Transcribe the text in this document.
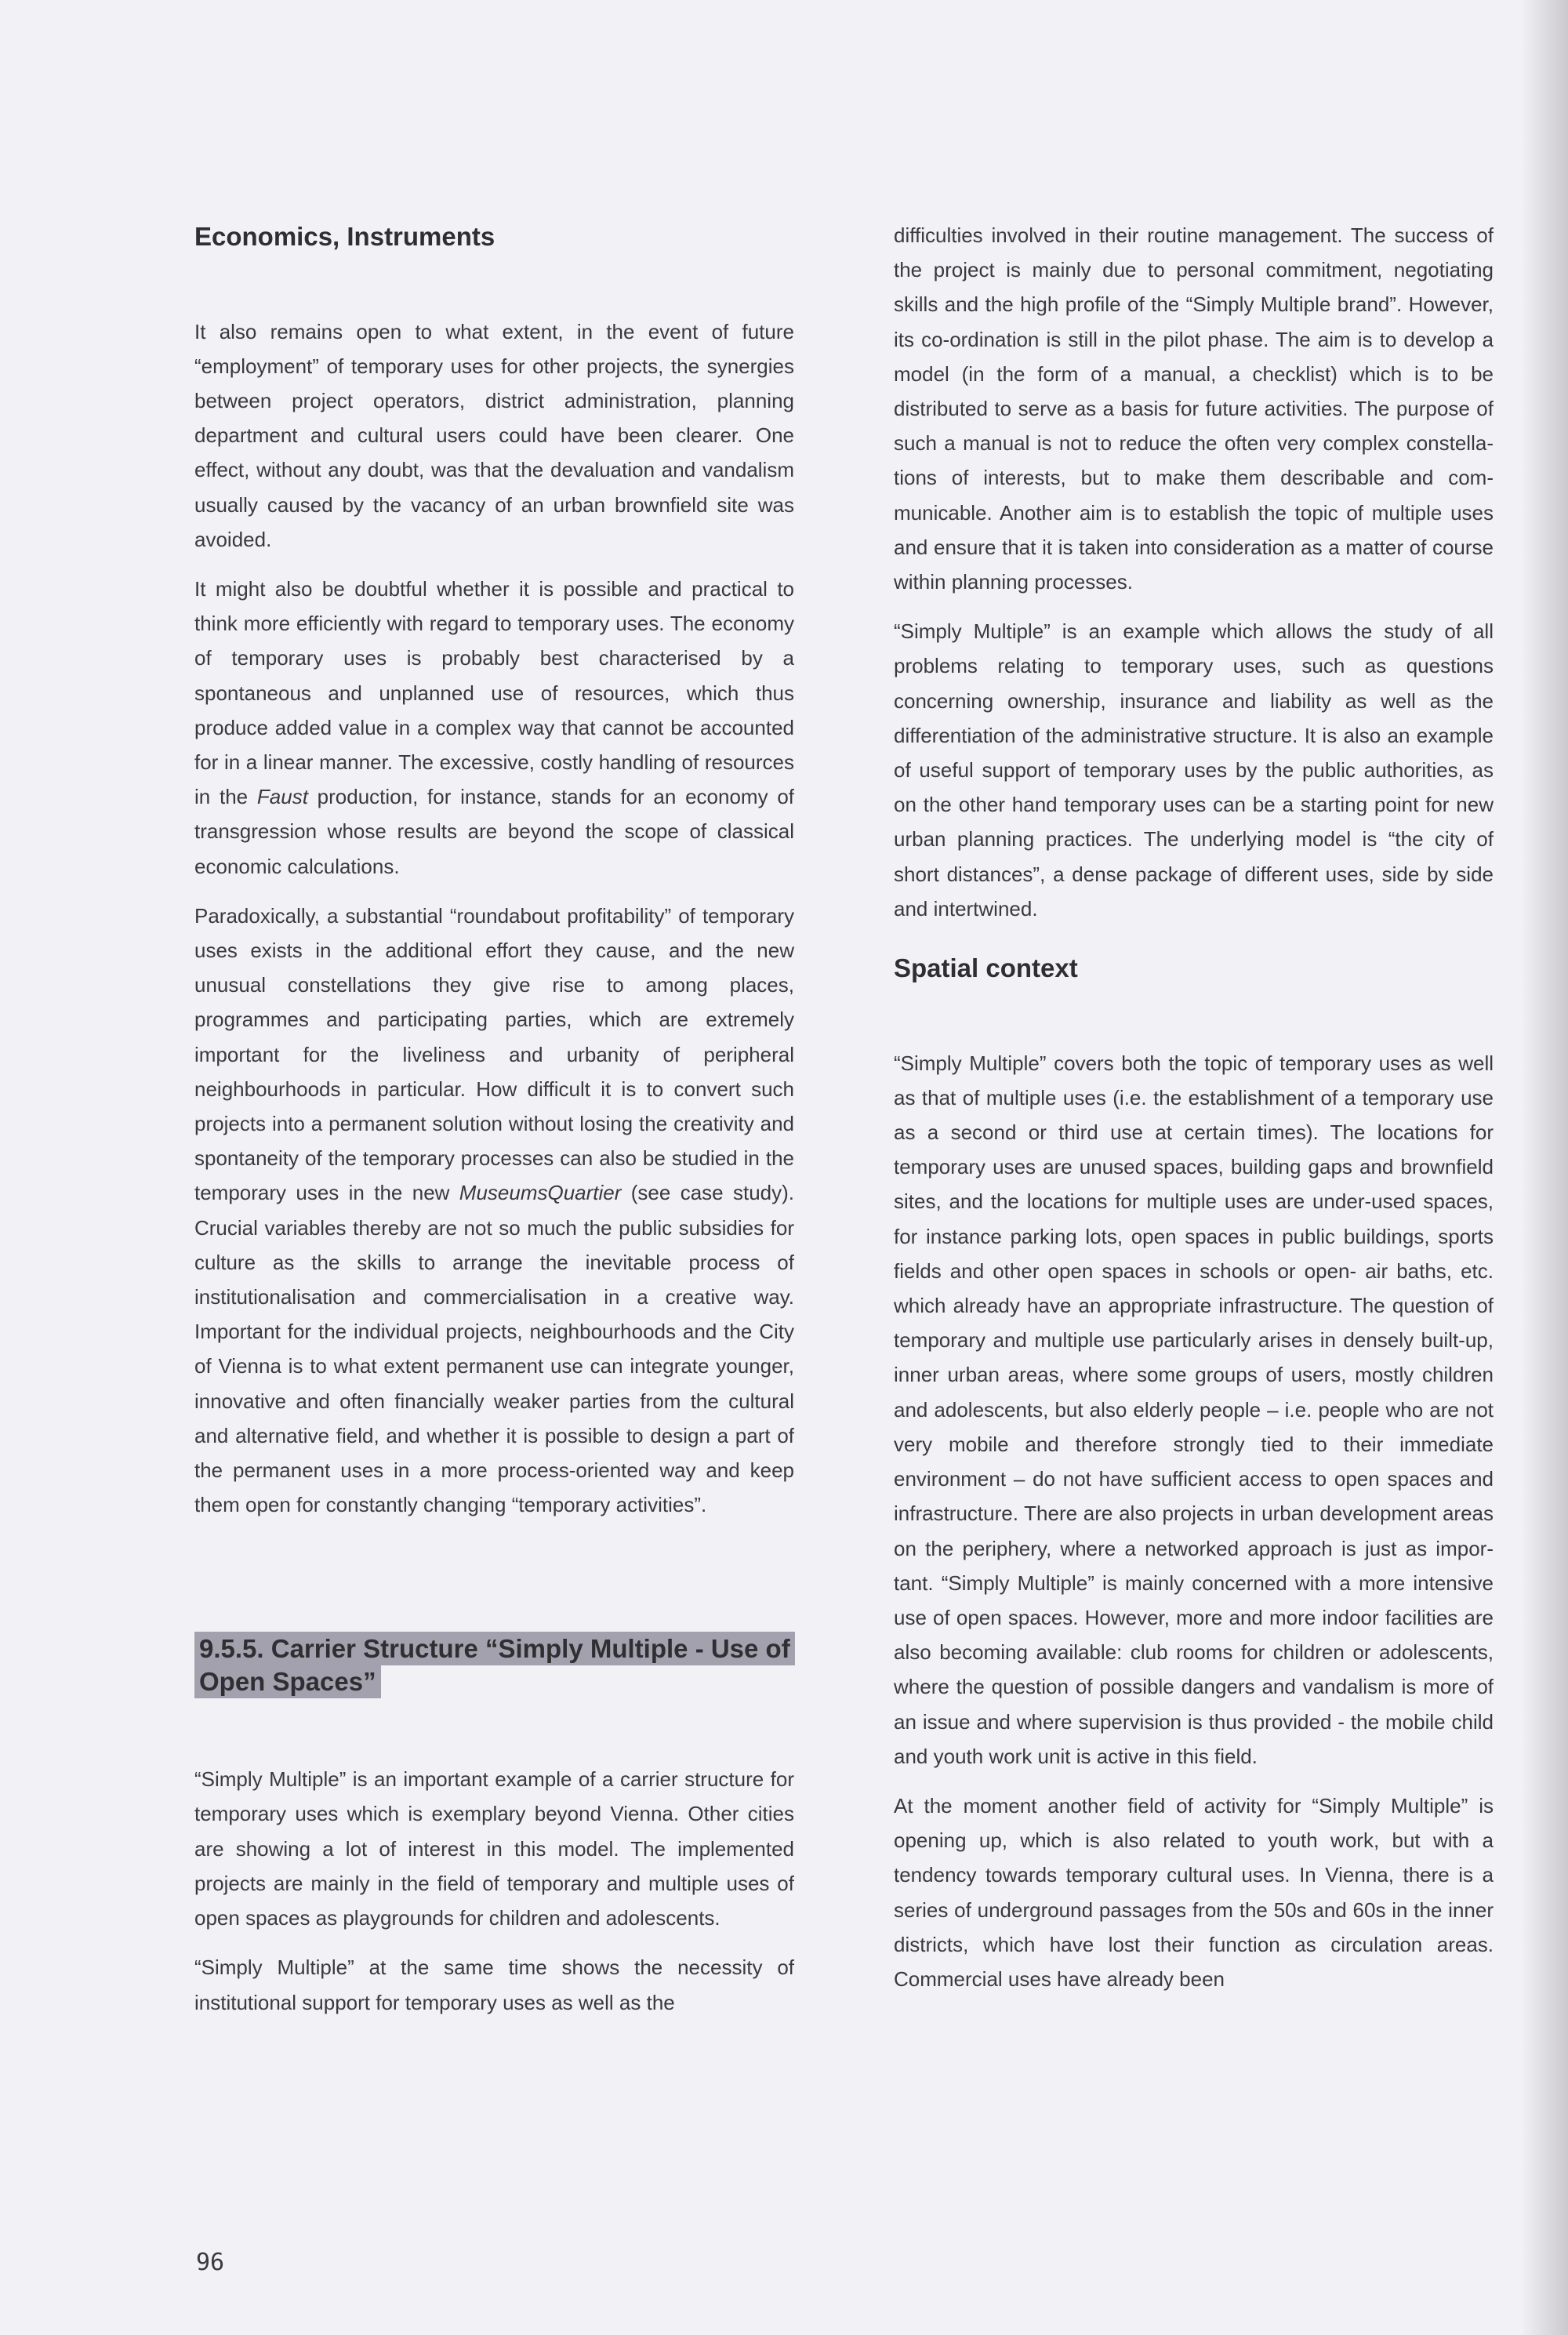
Economics, Instruments

It also remains open to what extent, in the event of future “employment” of temporary uses for other projects, the synergies between project operators, district administration, planning department and cultural users could have been clearer. One effect, without any doubt, was that the devaluation and vandalism usually caused by the vacancy of an urban brownfield site was avoided.

It might also be doubtful whether it is possible and practical to think more efficiently with regard to temporary uses. The economy of temporary uses is probably best characterised by a spontaneous and unplanned use of resources, which thus produce added value in a complex way that cannot be accounted for in a linear manner. The excessive, costly handling of resources in the Faust production, for instance, stands for an economy of transgression whose results are beyond the scope of classical economic calculations.

Paradoxically, a substantial “roundabout profitability” of temporary uses exists in the additional effort they cause, and the new unusual constellations they give rise to among places, programmes and participating parties, which are extremely important for the liveliness and urbanity of peripheral neighbourhoods in particular. How difficult it is to convert such projects into a permanent solution without losing the creativity and spontaneity of the temporary processes can also be studied in the temporary uses in the new MuseumsQuartier (see case study). Crucial variables thereby are not so much the public subsidies for culture as the skills to arrange the inevitable process of institutionalisation and commercialisation in a creative way. Important for the individual projects, neighbourhoods and the City of Vienna is to what extent permanent use can integrate younger, innovative and often financially weaker parties from the cultural and alternative field, and whether it is possible to design a part of the permanent uses in a more process-oriented way and keep them open for constantly changing “temporary activities”.

9.5.5. Carrier Structure “Simply Multiple - Use of Open Spaces”

“Simply Multiple” is an important example of a carrier structure for temporary uses which is exemplary beyond Vienna. Other cities are showing a lot of interest in this model. The implemented projects are mainly in the field of temporary and multiple uses of open spaces as playgrounds for children and adolescents.

“Simply Multiple” at the same time shows the necessity of institutional support for temporary uses as well as the

difficulties involved in their routine management. The success of the project is mainly due to personal commitment, negotiating skills and the high profile of the “Simply Multiple brand”. However, its co-ordination is still in the pilot phase. The aim is to develop a model (in the form of a manual, a checklist) which is to be distributed to serve as a basis for future activities. The purpose of such a manual is not to reduce the often very complex constellations of interests, but to make them describable and communicable. Another aim is to establish the topic of multiple uses and ensure that it is taken into consideration as a matter of course within planning processes.

“Simply Multiple” is an example which allows the study of all problems relating to temporary uses, such as questions concerning ownership, insurance and liability as well as the differentiation of the administrative structure. It is also an example of useful support of temporary uses by the public authorities, as on the other hand temporary uses can be a starting point for new urban planning practices. The underlying model is “the city of short distances”, a dense package of different uses, side by side and intertwined.

Spatial context

“Simply Multiple” covers both the topic of temporary uses as well as that of multiple uses (i.e. the establishment of a temporary use as a second or third use at certain times). The locations for temporary uses are unused spaces, building gaps and brownfield sites, and the locations for multiple uses are under-used spaces, for instance parking lots, open spaces in public buildings, sports fields and other open spaces in schools or open- air baths, etc. which already have an appropriate infrastructure. The question of temporary and multiple use particularly arises in densely built-up, inner urban areas, where some groups of users, mostly children and adolescents, but also elderly people – i.e. people who are not very mobile and therefore strongly tied to their immediate environment – do not have sufficient access to open spaces and infrastructure. There are also projects in urban development areas on the periphery, where a networked approach is just as important. “Simply Multiple” is mainly concerned with a more intensive use of open spaces. However, more and more indoor facilities are also becoming available: club rooms for children or adolescents, where the question of possible dangers and vandalism is more of an issue and where supervision is thus provided - the mobile child and youth work unit is active in this field.

At the moment another field of activity for “Simply Multiple” is opening up, which is also related to youth work, but with a tendency towards temporary cultural uses. In Vienna, there is a series of underground passages from the 50s and 60s in the inner districts, which have lost their function as circulation areas. Commercial uses have already been

96
